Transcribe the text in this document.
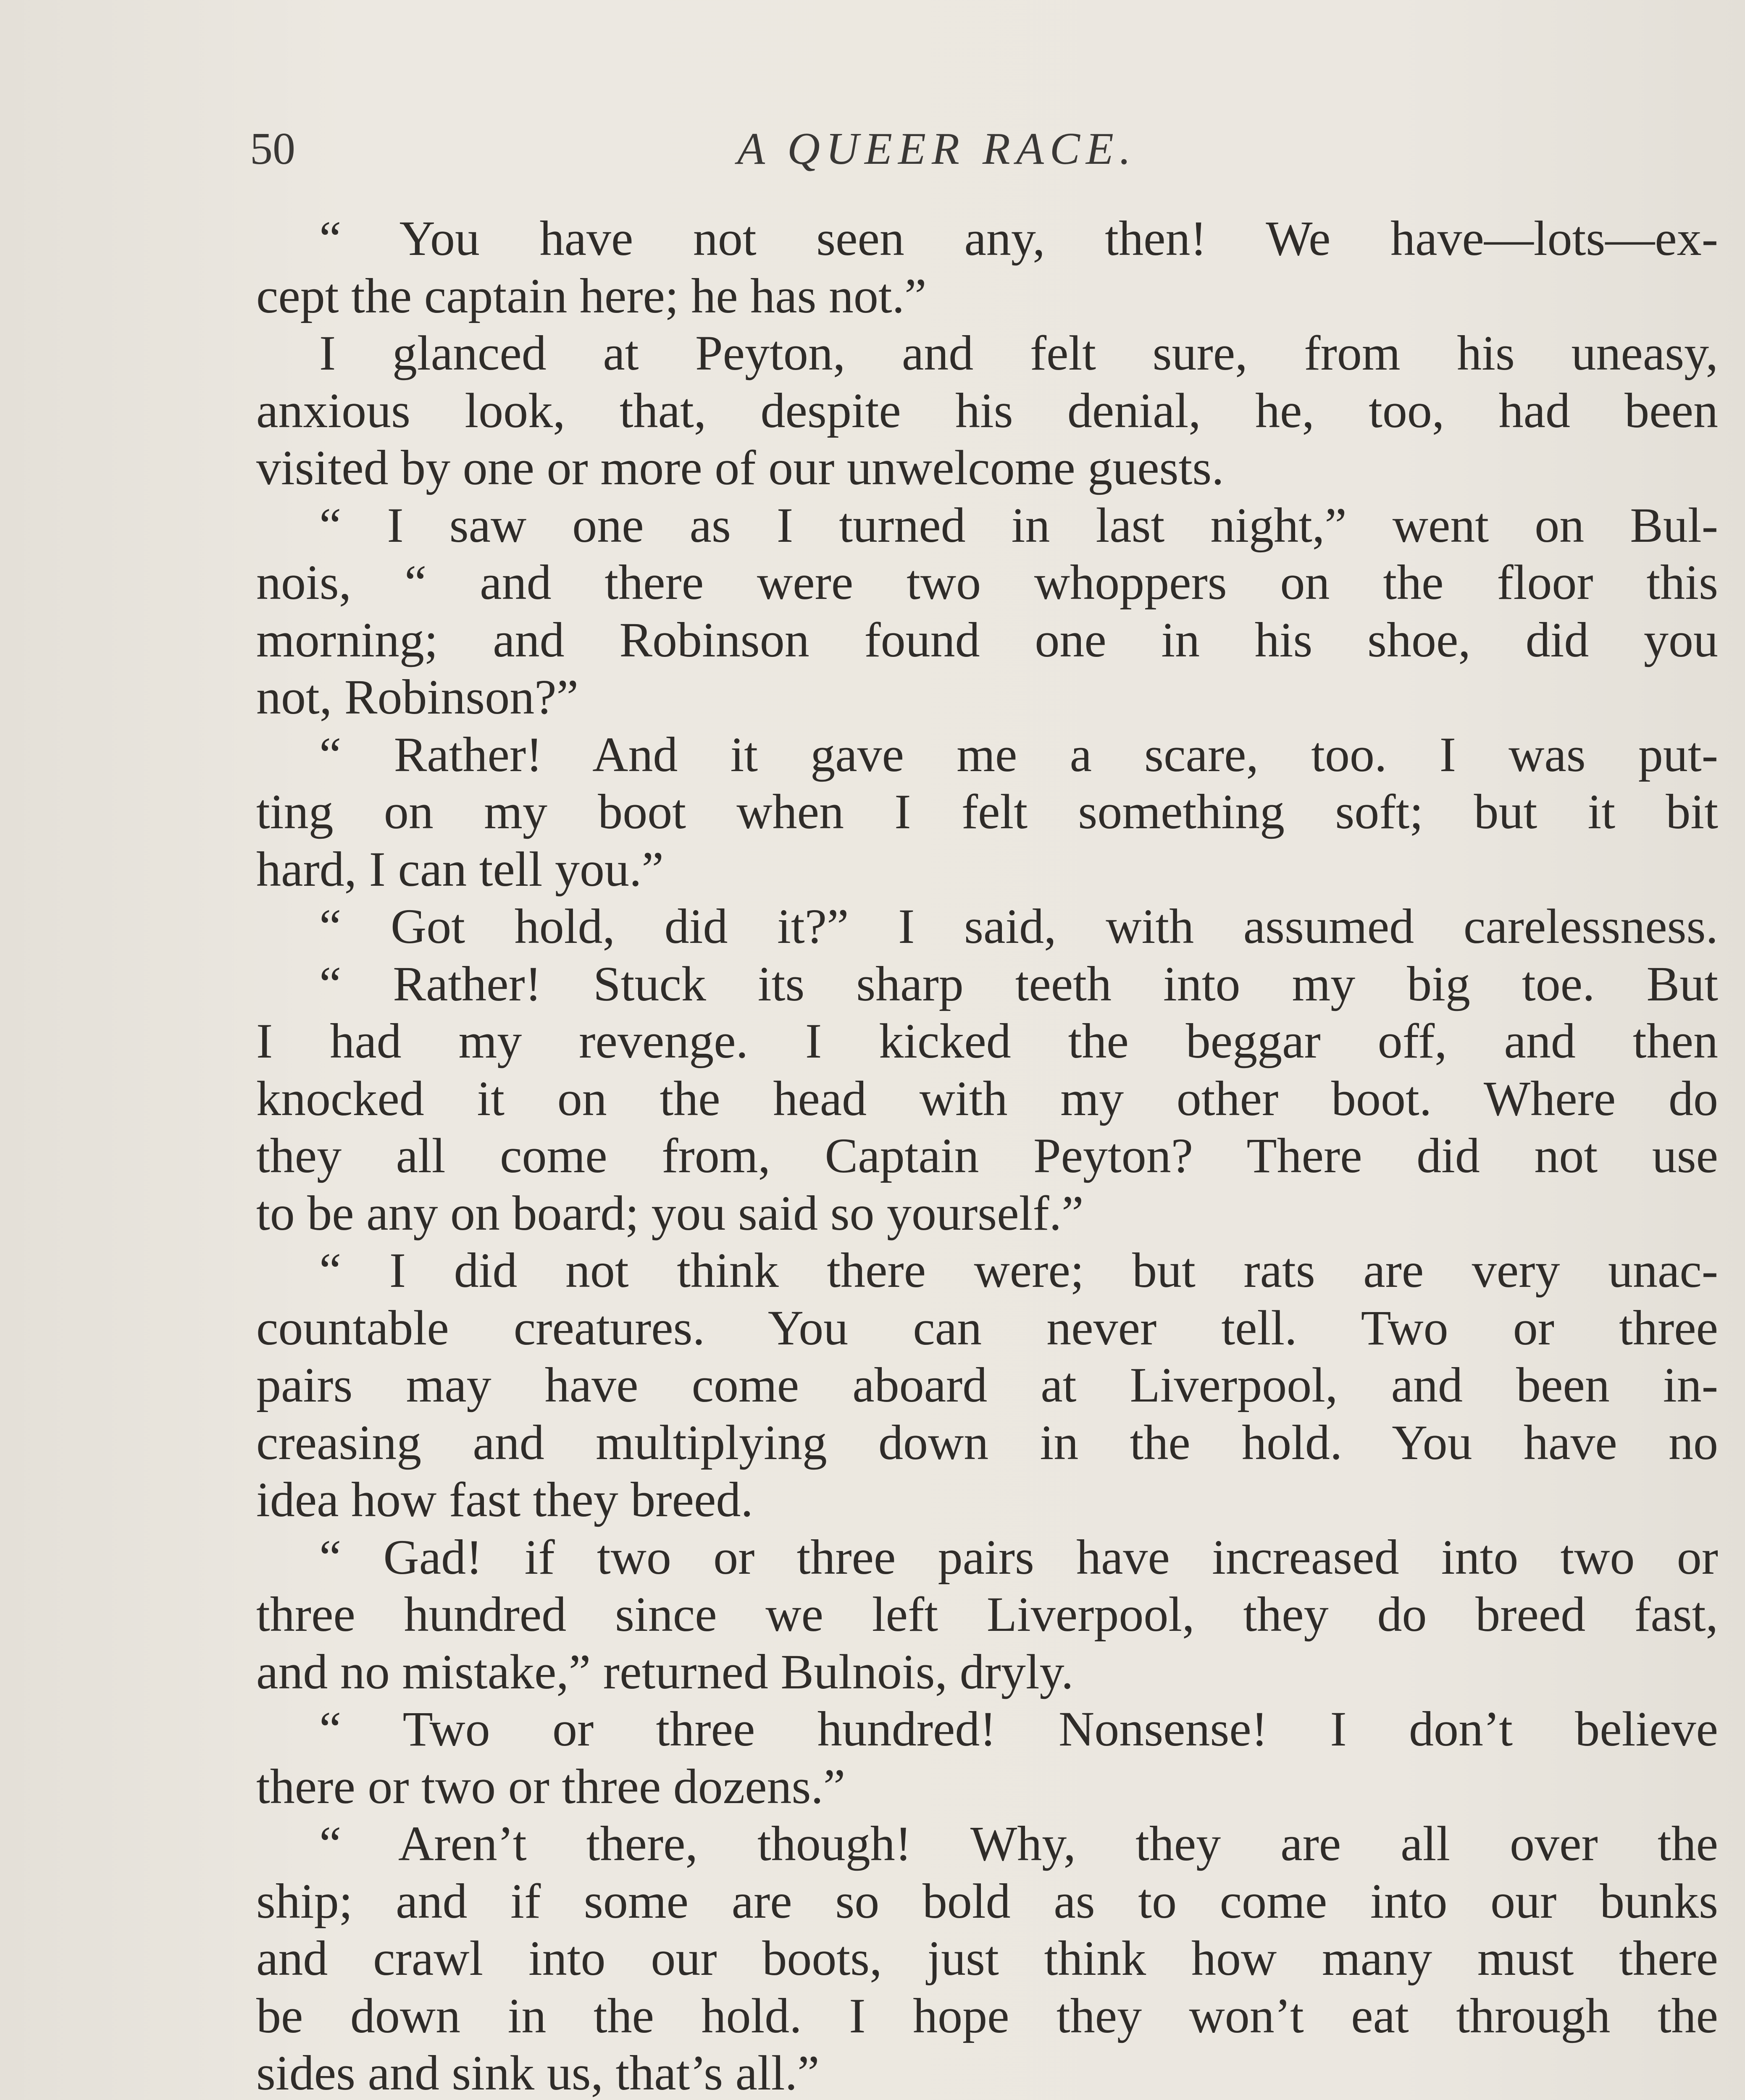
50	A QUEER RACE.
“ You have not seen any, then! We have—lots—ex-
cept the captain here; he has not.”
I glanced at Peyton, and felt sure, from his uneasy,
anxious look, that, despite his denial, he, too, had been
visited by one or more of our unwelcome guests.
“ I saw one as I turned in last night,” went on Bul-
nois, “ and there were two whoppers on the floor this
morning; and Robinson found one in his shoe, did you
not, Robinson?”
“ Rather! And it gave me a scare, too. I was put-
ting on my boot when I felt something soft; but it bit
hard, I can tell you.”
“ Got hold, did it?” I said, with assumed carelessness.
“ Rather! Stuck its sharp teeth into my big toe. But
I had my revenge. I kicked the beggar off, and then
knocked it on the head with my other boot. Where do
they all come from, Captain Peyton? There did not use
to be any on board; you said so yourself.”
“ I did not think there were; but rats are very unac-
countable creatures. You can never tell. Two or three
pairs may have come aboard at Liverpool, and been in-
creasing and multiplying down in the hold. You have no
idea how fast they breed.
“ Gad! if two or three pairs have increased into two or
three hundred since we left Liverpool, they do breed fast,
and no mistake,” returned Bulnois, dryly.
“ Two or three hundred! Nonsense! I don’t believe
there or two or three dozens.”
“ Aren’t there, though! Why, they are all over the
ship; and if some are so bold as to come into our bunks
and crawl into our boots, just think how many must there
be down in the hold. I hope they won’t eat through the
sides and sink us, that’s all.”
